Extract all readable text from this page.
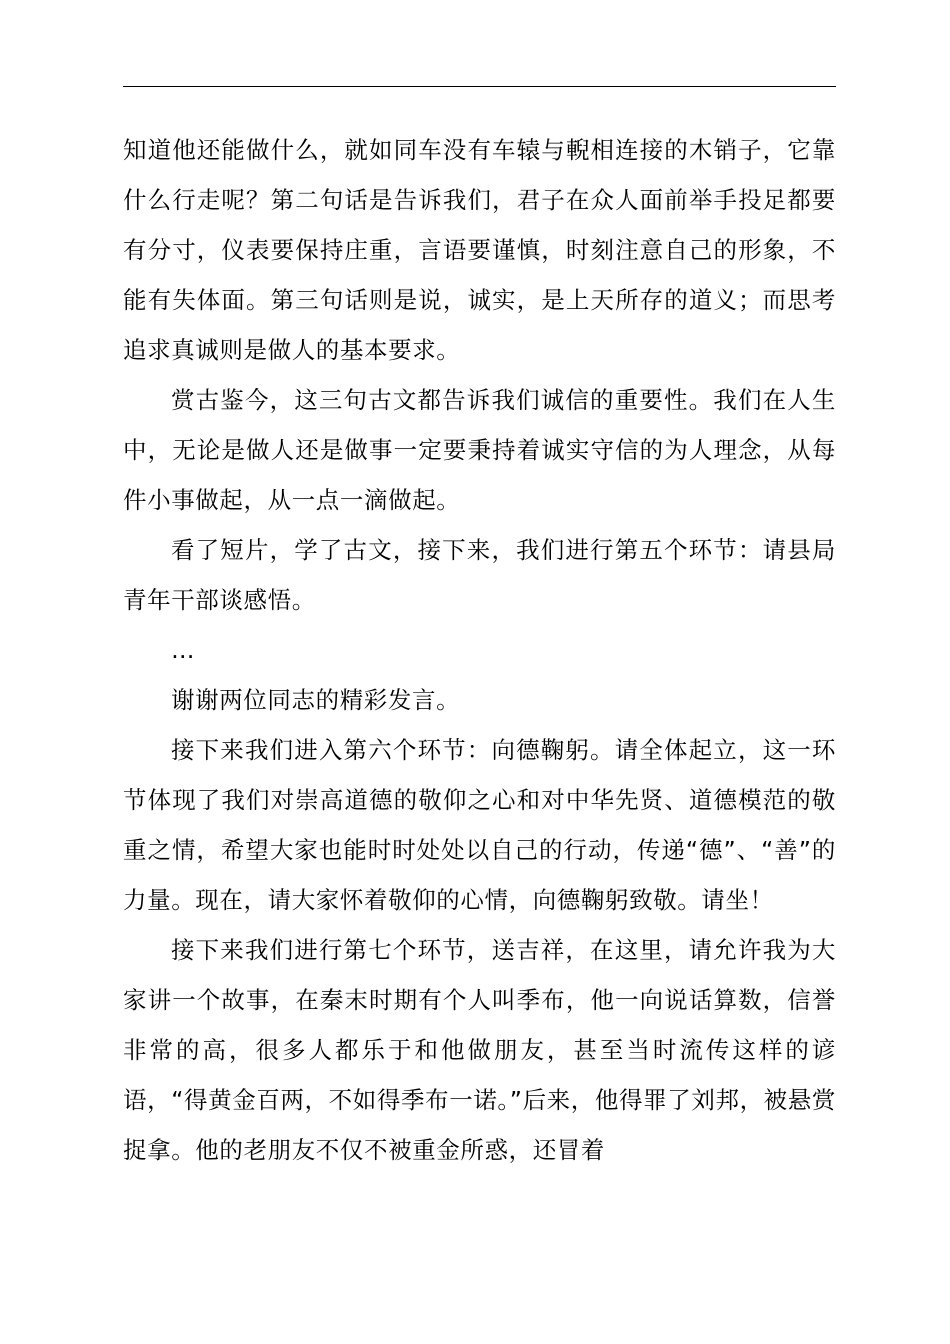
知道他还能做什么，就如同车没有车辕与輗相连接的木销子，它靠什么行走呢？第二句话是告诉我们，君子在众人面前举手投足都要有分寸，仪表要保持庄重，言语要谨慎，时刻注意自己的形象，不能有失体面。第三句话则是说，诚实，是上天所存的道义；而思考追求真诚则是做人的基本要求。

赏古鉴今，这三句古文都告诉我们诚信的重要性。我们在人生中，无论是做人还是做事一定要秉持着诚实守信的为人理念，从每件小事做起，从一点一滴做起。

看了短片，学了古文，接下来，我们进行第五个环节：请县局青年干部谈感悟。

…

谢谢两位同志的精彩发言。

接下来我们进入第六个环节：向德鞠躬。请全体起立，这一环节体现了我们对崇高道德的敬仰之心和对中华先贤、道德模范的敬重之情，希望大家也能时时处处以自己的行动，传递“德”、“善”的力量。现在，请大家怀着敬仰的心情，向德鞠躬致敬。请坐！

接下来我们进行第七个环节，送吉祥，在这里，请允许我为大家讲一个故事，在秦末时期有个人叫季布，他一向说话算数，信誉非常的高，很多人都乐于和他做朋友，甚至当时流传这样的谚语，“得黄金百两，不如得季布一诺。”后来，他得罪了刘邦，被悬赏捉拿。他的老朋友不仅不被重金所惑，还冒着
